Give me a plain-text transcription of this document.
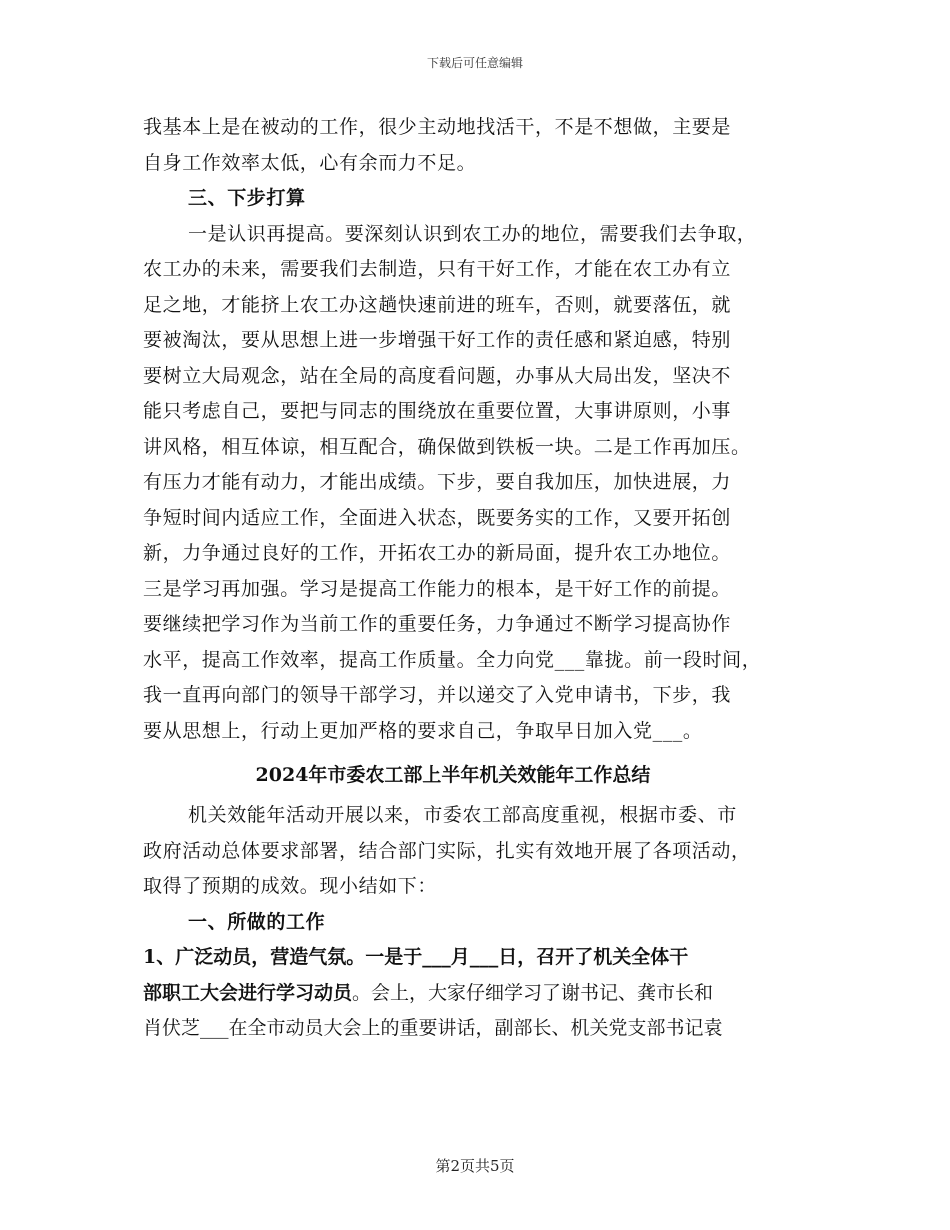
下载后可任意编辑
我基本上是在被动的工作，很少主动地找活干，不是不想做，主要是
自身工作效率太低，心有余而力不足。
三、下步打算
一是认识再提高。要深刻认识到农工办的地位，需要我们去争取，
农工办的未来，需要我们去制造，只有干好工作，才能在农工办有立
足之地，才能挤上农工办这趟快速前进的班车，否则，就要落伍，就
要被淘汰，要从思想上进一步增强干好工作的责任感和紧迫感，特别
要树立大局观念，站在全局的高度看问题，办事从大局出发，坚决不
能只考虑自己，要把与同志的围绕放在重要位置，大事讲原则，小事
讲风格，相互体谅，相互配合，确保做到铁板一块。二是工作再加压。
有压力才能有动力，才能出成绩。下步，要自我加压，加快进展，力
争短时间内适应工作，全面进入状态，既要务实的工作，又要开拓创
新，力争通过良好的工作，开拓农工办的新局面，提升农工办地位。
三是学习再加强。学习是提高工作能力的根本，是干好工作的前提。
要继续把学习作为当前工作的重要任务，力争通过不断学习提高协作
水平，提高工作效率，提高工作质量。全力向党___靠拢。前一段时间，
我一直再向部门的领导干部学习，并以递交了入党申请书，下步，我
要从思想上，行动上更加严格的要求自己，争取早日加入党___。
2024年市委农工部上半年机关效能年工作总结
机关效能年活动开展以来，市委农工部高度重视，根据市委、市
政府活动总体要求部署，结合部门实际，扎实有效地开展了各项活动，
取得了预期的成效。现小结如下：
一、所做的工作
1、广泛动员，营造气氛。一是于___月___日，召开了机关全体干
部职工大会进行学习动员。会上，大家仔细学习了谢书记、龚市长和
肖伏芝___在全市动员大会上的重要讲话，副部长、机关党支部书记袁
第2页共5页
